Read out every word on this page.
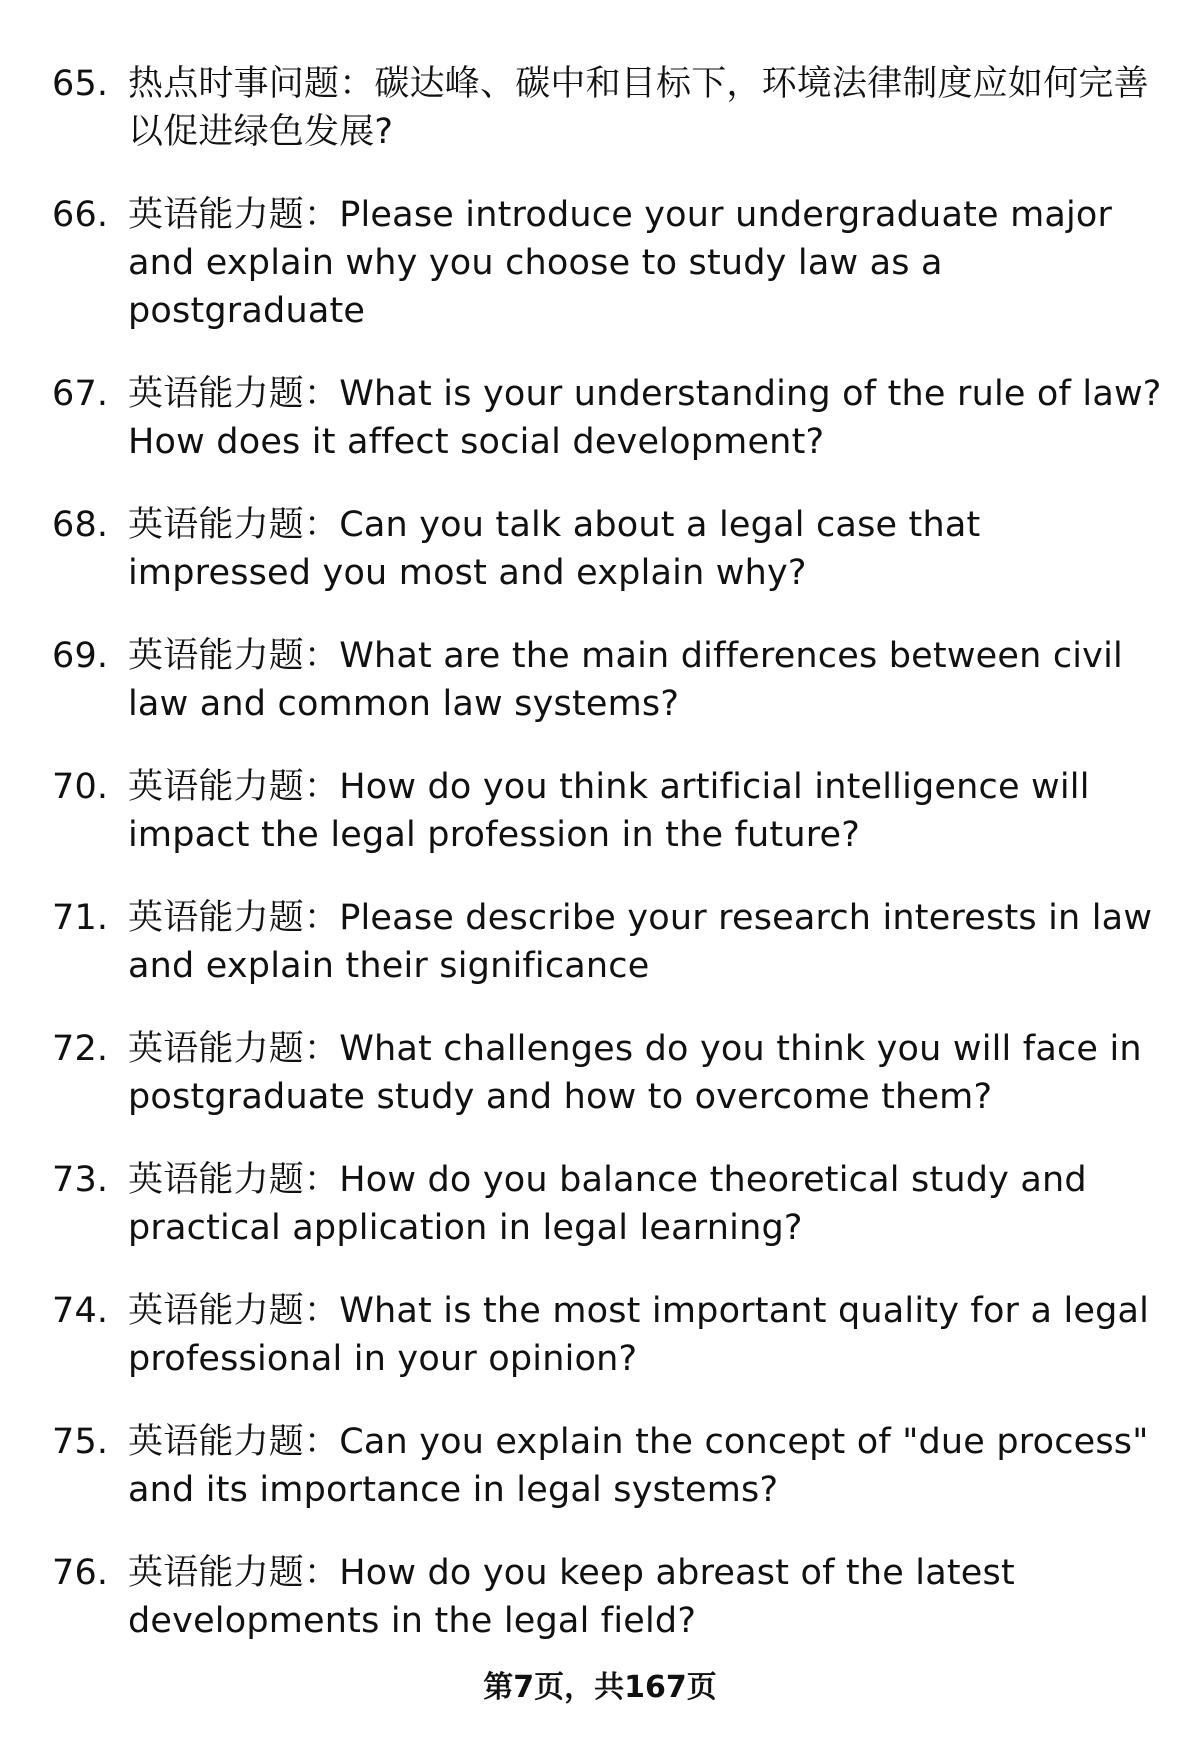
65. 热点时事问题：碳达峰、碳中和目标下，环境法律制度应如何完善以促进绿色发展?
66. 英语能力题：Please introduce your undergraduate major and explain why you choose to study law as a postgraduate
67. 英语能力题：What is your understanding of the rule of law? How does it affect social development?
68. 英语能力题：Can you talk about a legal case that impressed you most and explain why?
69. 英语能力题：What are the main differences between civil law and common law systems?
70. 英语能力题：How do you think artificial intelligence will impact the legal profession in the future?
71. 英语能力题：Please describe your research interests in law and explain their significance
72. 英语能力题：What challenges do you think you will face in postgraduate study and how to overcome them?
73. 英语能力题：How do you balance theoretical study and practical application in legal learning?
74. 英语能力题：What is the most important quality for a legal professional in your opinion?
75. 英语能力题：Can you explain the concept of "due process" and its importance in legal systems?
76. 英语能力题：How do you keep abreast of the latest developments in the legal field?
第7页，共167页
